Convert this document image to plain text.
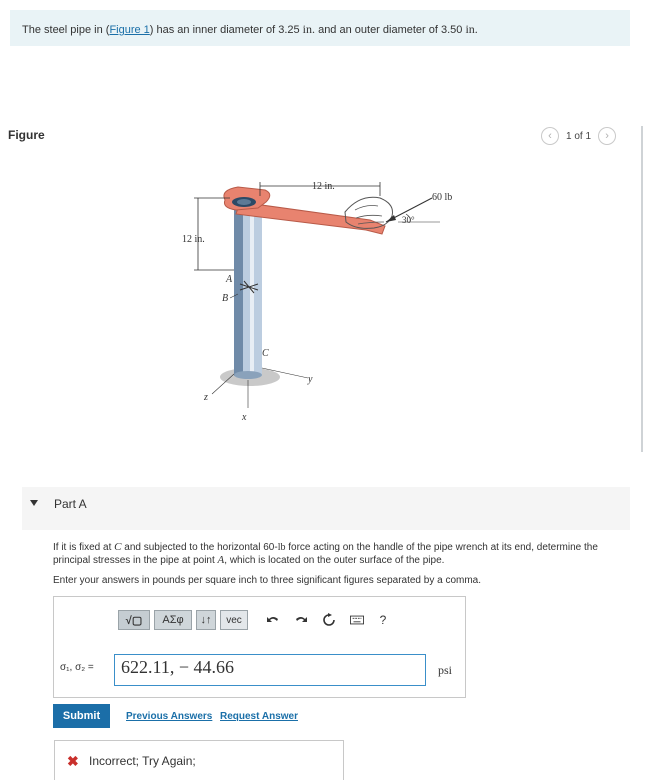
The steel pipe in (Figure 1) has an inner diameter of 3.25 in. and an outer diameter of 3.50 in.
Figure	‹ 1 of 1 ›
12 in.
12 in.
60 lb
30°
y
z
x
A
B
C
Part A
If it is fixed at C and subjected to the horizontal 60-lb force acting on the handle of the pipe wrench at its end, determine the principal stresses in the pipe at point A, which is located on the outer surface of the pipe.
Enter your answers in pounds per square inch to three significant figures separated by a comma.
√▢	ΑΣφ	↓↑	vec	?
σ₁, σ₂ =	622.11, − 44.66	psi
Submit	Previous Answers Request Answer
✖ Incorrect; Try Again;
